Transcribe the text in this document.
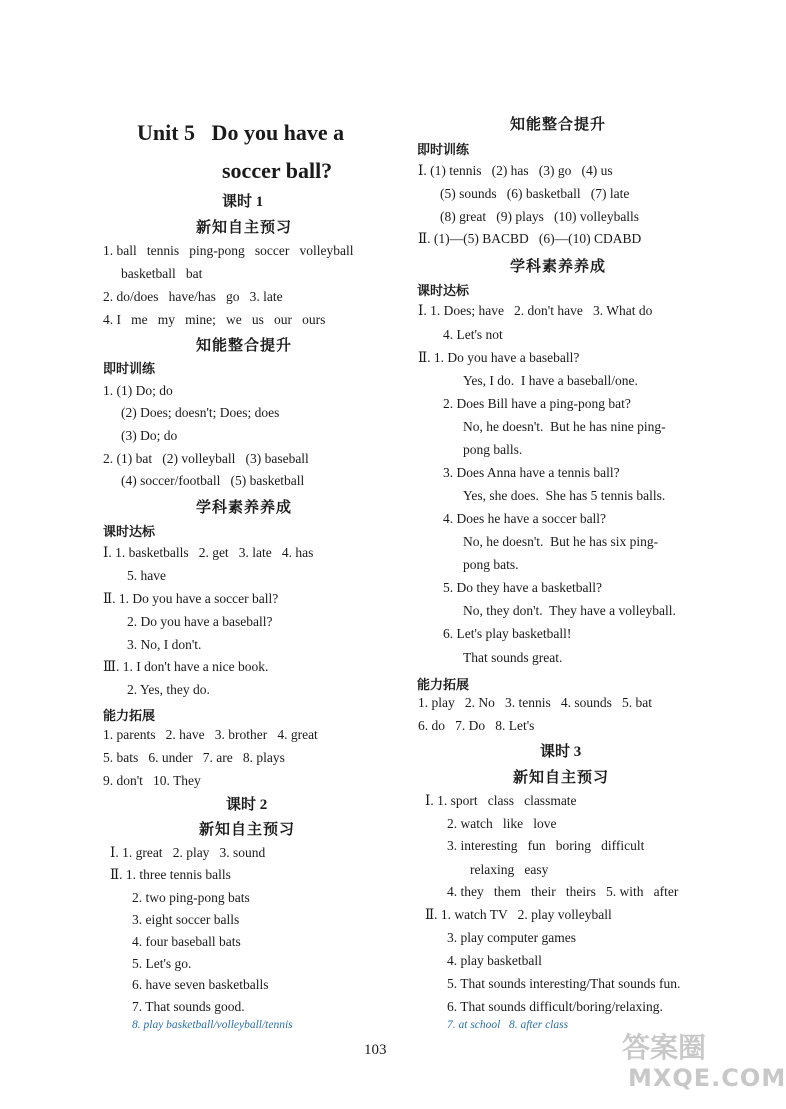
Unit 5   Do you have a
soccer ball?
课时 1
新知自主预习
1. ball   tennis   ping-pong   soccer   volleyball
basketball   bat
2. do/does   have/has   go   3. late
4. I   me   my   mine;   we   us   our   ours
知能整合提升
即时训练
1. (1) Do; do
(2) Does; doesn't; Does; does
(3) Do; do
2. (1) bat   (2) volleyball   (3) baseball
(4) soccer/football   (5) basketball
学科素养养成
课时达标
Ⅰ. 1. basketballs   2. get   3. late   4. has
5. have
Ⅱ. 1. Do you have a soccer ball?
2. Do you have a baseball?
3. No, I don't.
Ⅲ. 1. I don't have a nice book.
2. Yes, they do.
能力拓展
1. parents   2. have   3. brother   4. great
5. bats   6. under   7. are   8. plays
9. don't   10. They
课时 2
新知自主预习
Ⅰ. 1. great   2. play   3. sound
Ⅱ. 1. three tennis balls
2. two ping-pong bats
3. eight soccer balls
4. four baseball bats
5. Let's go.
6. have seven basketballs
7. That sounds good.
8. play basketball/volleyball/tennis
知能整合提升
即时训练
Ⅰ. (1) tennis   (2) has   (3) go   (4) us
(5) sounds   (6) basketball   (7) late
(8) great   (9) plays   (10) volleyballs
Ⅱ. (1)—(5) BACBD   (6)—(10) CDABD
学科素养养成
课时达标
Ⅰ. 1. Does; have   2. don't have   3. What do
4. Let's not
Ⅱ. 1. Do you have a baseball?
Yes, I do.  I have a baseball/one.
2. Does Bill have a ping-pong bat?
No, he doesn't.  But he has nine ping-
pong balls.
3. Does Anna have a tennis ball?
Yes, she does.  She has 5 tennis balls.
4. Does he have a soccer ball?
No, he doesn't.  But he has six ping-
pong bats.
5. Do they have a basketball?
No, they don't.  They have a volleyball.
6. Let's play basketball!
That sounds great.
能力拓展
1. play   2. No   3. tennis   4. sounds   5. bat
6. do   7. Do   8. Let's
课时 3
新知自主预习
Ⅰ. 1. sport   class   classmate
2. watch   like   love
3. interesting   fun   boring   difficult
relaxing   easy
4. they   them   their   theirs   5. with   after
Ⅱ. 1. watch TV   2. play volleyball
3. play computer games
4. play basketball
5. That sounds interesting/That sounds fun.
6. That sounds difficult/boring/relaxing.
7. at school   8. after class
103	答案圈
MXQE.COM
